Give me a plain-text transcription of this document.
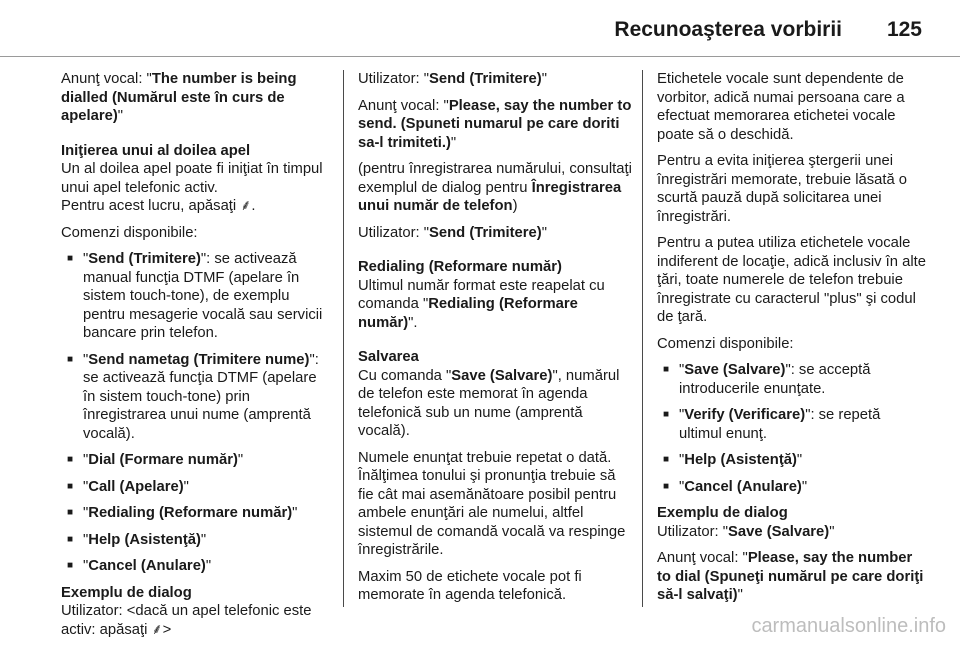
Recunoaşterea vorbirii 125

Anunţ vocal: "The number is being dialled (Numărul este în curs de apelare)"

Iniţierea unui al doilea apel

Un al doilea apel poate fi iniţiat în timpul unui apel telefonic activ.

Pentru acest lucru, apăsaţi ⸙.

Comenzi disponibile:

■ "Send (Trimitere)": se activează manual funcţia DTMF (apelare în sistem touch-tone), de exemplu pentru mesagerie vocală sau servicii bancare prin telefon.
■ "Send nametag (Trimitere nume)": se activează funcţia DTMF (apelare în sistem touch-tone) prin înregistrarea unui nume (amprentă vocală).
■ "Dial (Formare număr)"
■ "Call (Apelare)"
■ "Redialing (Reformare număr)"
■ "Help (Asistenţă)"
■ "Cancel (Anulare)"
Exemplu de dialog

Utilizator: <dacă un apel telefonic este activ: apăsaţi ⸙>

Utilizator: "Send (Trimitere)"

Anunţ vocal: "Please, say the number to send. (Spuneti numarul pe care doriti sa-l trimiteti.)"

(pentru înregistrarea numărului, consultaţi exemplul de dialog pentru Înregistrarea unui număr de telefon)

Utilizator: "Send (Trimitere)"

Redialing (Reformare număr)

Ultimul număr format este reapelat cu comanda "Redialing (Reformare număr)".

Salvarea

Cu comanda "Save (Salvare)", numărul de telefon este memorat în agenda telefonică sub un nume (amprentă vocală).

Numele enunţat trebuie repetat o dată. Înălţimea tonului şi pronunţia trebuie să fie cât mai asemănătoare posibil pentru ambele enunţări ale numelui, altfel sistemul de comandă vocală va respinge înregistrările.

Maxim 50 de etichete vocale pot fi memorate în agenda telefonică.

Etichetele vocale sunt dependente de vorbitor, adică numai persoana care a efectuat memorarea etichetei vocale poate să o deschidă.

Pentru a evita iniţierea ştergerii unei înregistrări memorate, trebuie lăsată o scurtă pauză după solicitarea unei înregistrări.

Pentru a putea utiliza etichetele vocale indiferent de locaţie, adică inclusiv în alte ţări, toate numerele de telefon trebuie înregistrate cu caracterul "plus" şi codul de ţară.

Comenzi disponibile:

■ "Save (Salvare)": se acceptă introducerile enunţate.
■ "Verify (Verificare)": se repetă ultimul enunţ.
■ "Help (Asistenţă)"
■ "Cancel (Anulare)"
Exemplu de dialog

Utilizator: "Save (Salvare)"

Anunţ vocal: "Please, say the number to dial (Spuneţi numărul pe care doriţi să-l salvaţi)"

carmanualsonline.info
